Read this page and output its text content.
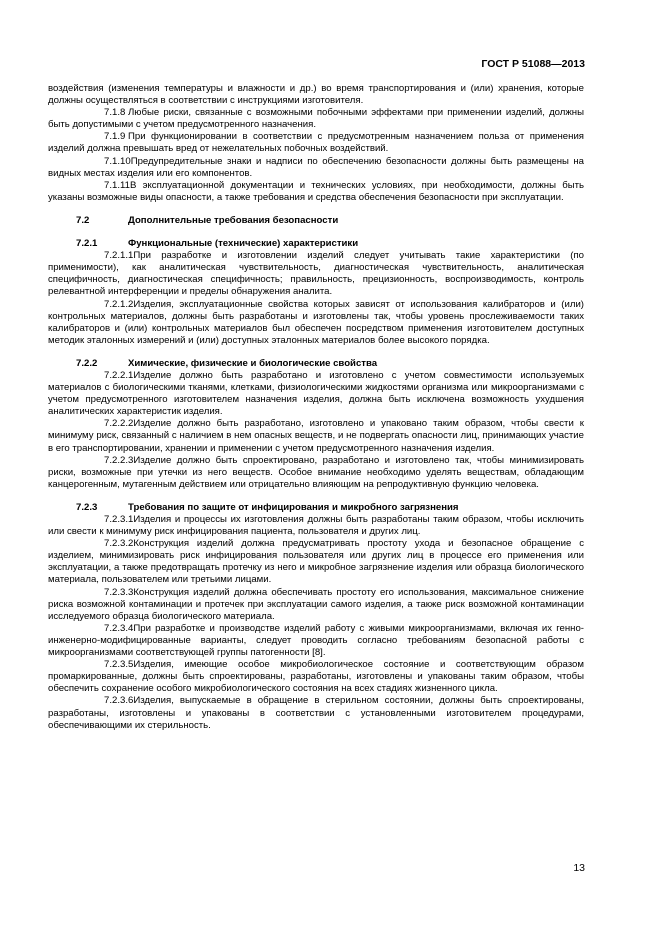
ГОСТ Р 51088—2013

воздействия (изменения температуры и влажности и др.) во время транспортирования и (или) хранения, которые должны осуществляться в соответствии с инструкциями изготовителя.

7.1.8 Любые риски, связанные с возможными побочными эффектами при применении изделий, должны быть допустимыми с учетом предусмотренного назначения.

7.1.9 При функционировании в соответствии с предусмотренным назначением польза от применения изделий должна превышать вред от нежелательных побочных воздействий.

7.1.10Предупредительные знаки и надписи по обеспечению безопасности должны быть размещены на видных местах изделия или его компонентов.

7.1.11В эксплуатационной документации и технических условиях, при необходимости, должны быть указаны возможные виды опасности, а также требования и средства обеспечения безопасности при эксплуатации.

7.2	Дополнительные требования безопасности

7.2.1	Функциональные (технические) характеристики

7.2.1.1При разработке и изготовлении изделий следует учитывать такие характеристики (по применимости), как аналитическая чувствительность, диагностическая чувствительность, аналитическая специфичность, диагностическая специфичность; правильность, прецизионность, воспроизводимость, контроль релевантной интерференции и пределы обнаружения аналита.

7.2.1.2Изделия, эксплуатационные свойства которых зависят от использования калибраторов и (или) контрольных материалов, должны быть разработаны и изготовлены так, чтобы уровень прослеживаемости таких калибраторов и (или) контрольных материалов был обеспечен посредством применения изготовителем доступных методик эталонных измерений и (или) доступных эталонных материалов более высокого порядка.

7.2.2	Химические, физические и биологические свойства

7.2.2.1Изделие должно быть разработано и изготовлено с учетом совместимости используемых материалов с биологическими тканями, клетками, физиологическими жидкостями организма или микроорганизмами с учетом предусмотренного изготовителем назначения изделия, должна быть исключена возможность ухудшения аналитических характеристик изделия.

7.2.2.2Изделие должно быть разработано, изготовлено и упаковано таким образом, чтобы свести к минимуму риск, связанный с наличием в нем опасных веществ, и не подвергать опасности лиц, принимающих участие в его транспортировании, хранении и применении с учетом предусмотренного назначения изделия.

7.2.2.3Изделие должно быть спроектировано, разработано и изготовлено так, чтобы минимизировать риски, возможные при утечки из него веществ. Особое внимание необходимо уделять веществам, обладающим канцерогенным, мутагенным действием или отрицательно влияющим на репродуктивную функцию человека.

7.2.3	Требования по защите от инфицирования и микробного загрязнения

7.2.3.1Изделия и процессы их изготовления должны быть разработаны таким образом, чтобы исключить или свести к минимуму риск инфицирования пациента, пользователя и других лиц.

7.2.3.2Конструкция изделий должна предусматривать простоту ухода и безопасное обращение с изделием, минимизировать риск инфицирования пользователя или других лиц в процессе его применения или эксплуатации, а также предотвращать протечку из него и микробное загрязнение изделия или образца биологического материала, пользователем или третьими лицами.

7.2.3.3Конструкция изделий должна обеспечивать простоту его использования, максимальное снижение риска возможной контаминации и протечек при эксплуатации самого изделия, а также риск возможной контаминации исследуемого образца биологического материала.

7.2.3.4При разработке и производстве изделий работу с живыми микроорганизмами, включая их генно-инженерно-модифицированные варианты, следует проводить согласно требованиям безопасной работы с микроорганизмами соответствующей группы патогенности [8].

7.2.3.5Изделия, имеющие особое микробиологическое состояние и соответствующим образом промаркированные, должны быть спроектированы, разработаны, изготовлены и упакованы таким образом, чтобы обеспечить сохранение особого микробиологического состояния на всех стадиях жизненного цикла.

7.2.3.6Изделия, выпускаемые в обращение в стерильном состоянии, должны быть спроектированы, разработаны, изготовлены и упакованы в соответствии с установленными изготовителем процедурами, обеспечивающими их стерильность.

13
